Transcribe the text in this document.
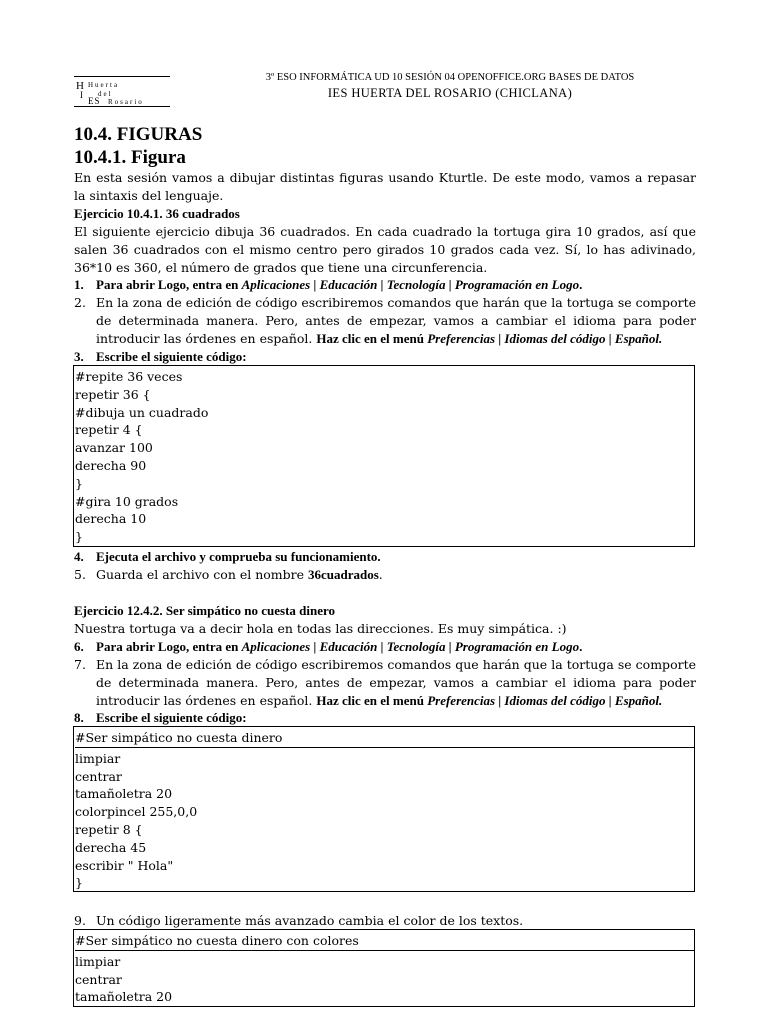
H Huerta
I del
ES Rosario
3º ESO INFORMÁTICA UD 10 SESIÓN 04 OPENOFFICE.ORG BASES DE DATOS
IES HUERTA DEL ROSARIO (CHICLANA)
10.4. FIGURAS
10.4.1. Figura
En esta sesión vamos a dibujar distintas figuras usando Kturtle. De este modo, vamos a repasar la sintaxis del lenguaje.
Ejercicio 10.4.1. 36 cuadrados
El siguiente ejercicio dibuja 36 cuadrados. En cada cuadrado la tortuga gira 10 grados, así que salen 36 cuadrados con el mismo centro pero girados 10 grados cada vez. Sí, lo has adivinado, 36*10 es 360, el número de grados que tiene una circunferencia.
1. Para abrir Logo, entra en Aplicaciones | Educación | Tecnología | Programación en Logo.
2. En la zona de edición de código escribiremos comandos que harán que la tortuga se comporte de determinada manera. Pero, antes de empezar, vamos a cambiar el idioma para poder introducir las órdenes en español. Haz clic en el menú Preferencias | Idiomas del código | Español.
3. Escribe el siguiente código:
#repite 36 veces
repetir 36 {
#dibuja un cuadrado
repetir 4 {
avanzar 100
derecha 90
}
#gira 10 grados
derecha 10
}
4. Ejecuta el archivo y comprueba su funcionamiento.
5. Guarda el archivo con el nombre 36cuadrados.
Ejercicio 12.4.2. Ser simpático no cuesta dinero
Nuestra tortuga va a decir hola en todas las direcciones. Es muy simpática. :)
6. Para abrir Logo, entra en Aplicaciones | Educación | Tecnología | Programación en Logo.
7. En la zona de edición de código escribiremos comandos que harán que la tortuga se comporte de determinada manera. Pero, antes de empezar, vamos a cambiar el idioma para poder introducir las órdenes en español. Haz clic en el menú Preferencias | Idiomas del código | Español.
8. Escribe el siguiente código:
#Ser simpático no cuesta dinero
limpiar
centrar
tamañoletra 20
colorpincel 255,0,0
repetir 8 {
derecha 45
escribir " Hola"
}
9. Un código ligeramente más avanzado cambia el color de los textos.
#Ser simpático no cuesta dinero con colores
limpiar
centrar
tamañoletra 20
